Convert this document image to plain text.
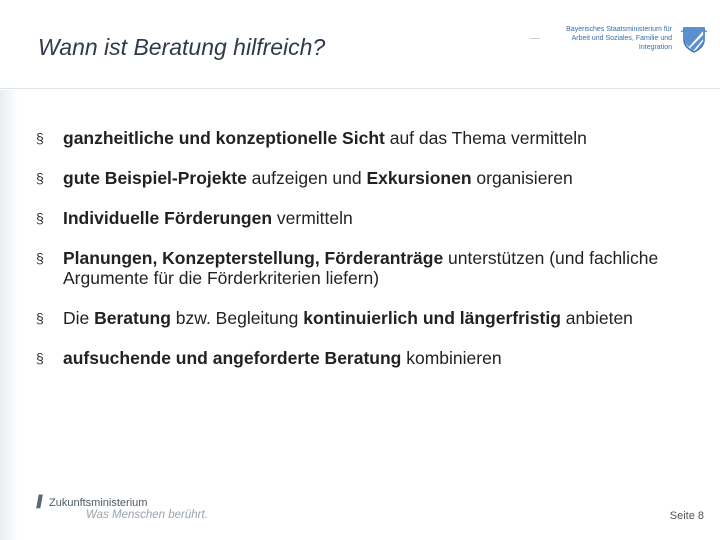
Wann ist Beratung hilfreich?
Bayerisches Staatsministerium für
Arbeit und Soziales, Familie und Integration
§ ganzheitliche und konzeptionelle Sicht auf das Thema vermitteln
§ gute Beispiel-Projekte aufzeigen und Exkursionen organisieren
§ Individuelle Förderungen vermitteln
§ Planungen, Konzepterstellung, Förderanträge unterstützen (und fachliche Argumente für die Förderkriterien liefern)
§ Die Beratung bzw. Begleitung kontinuierlich und längerfristig anbieten
§ aufsuchende und angeforderte Beratung kombinieren
// Zukunftsministerium
Was Menschen berührt.	Seite 8
